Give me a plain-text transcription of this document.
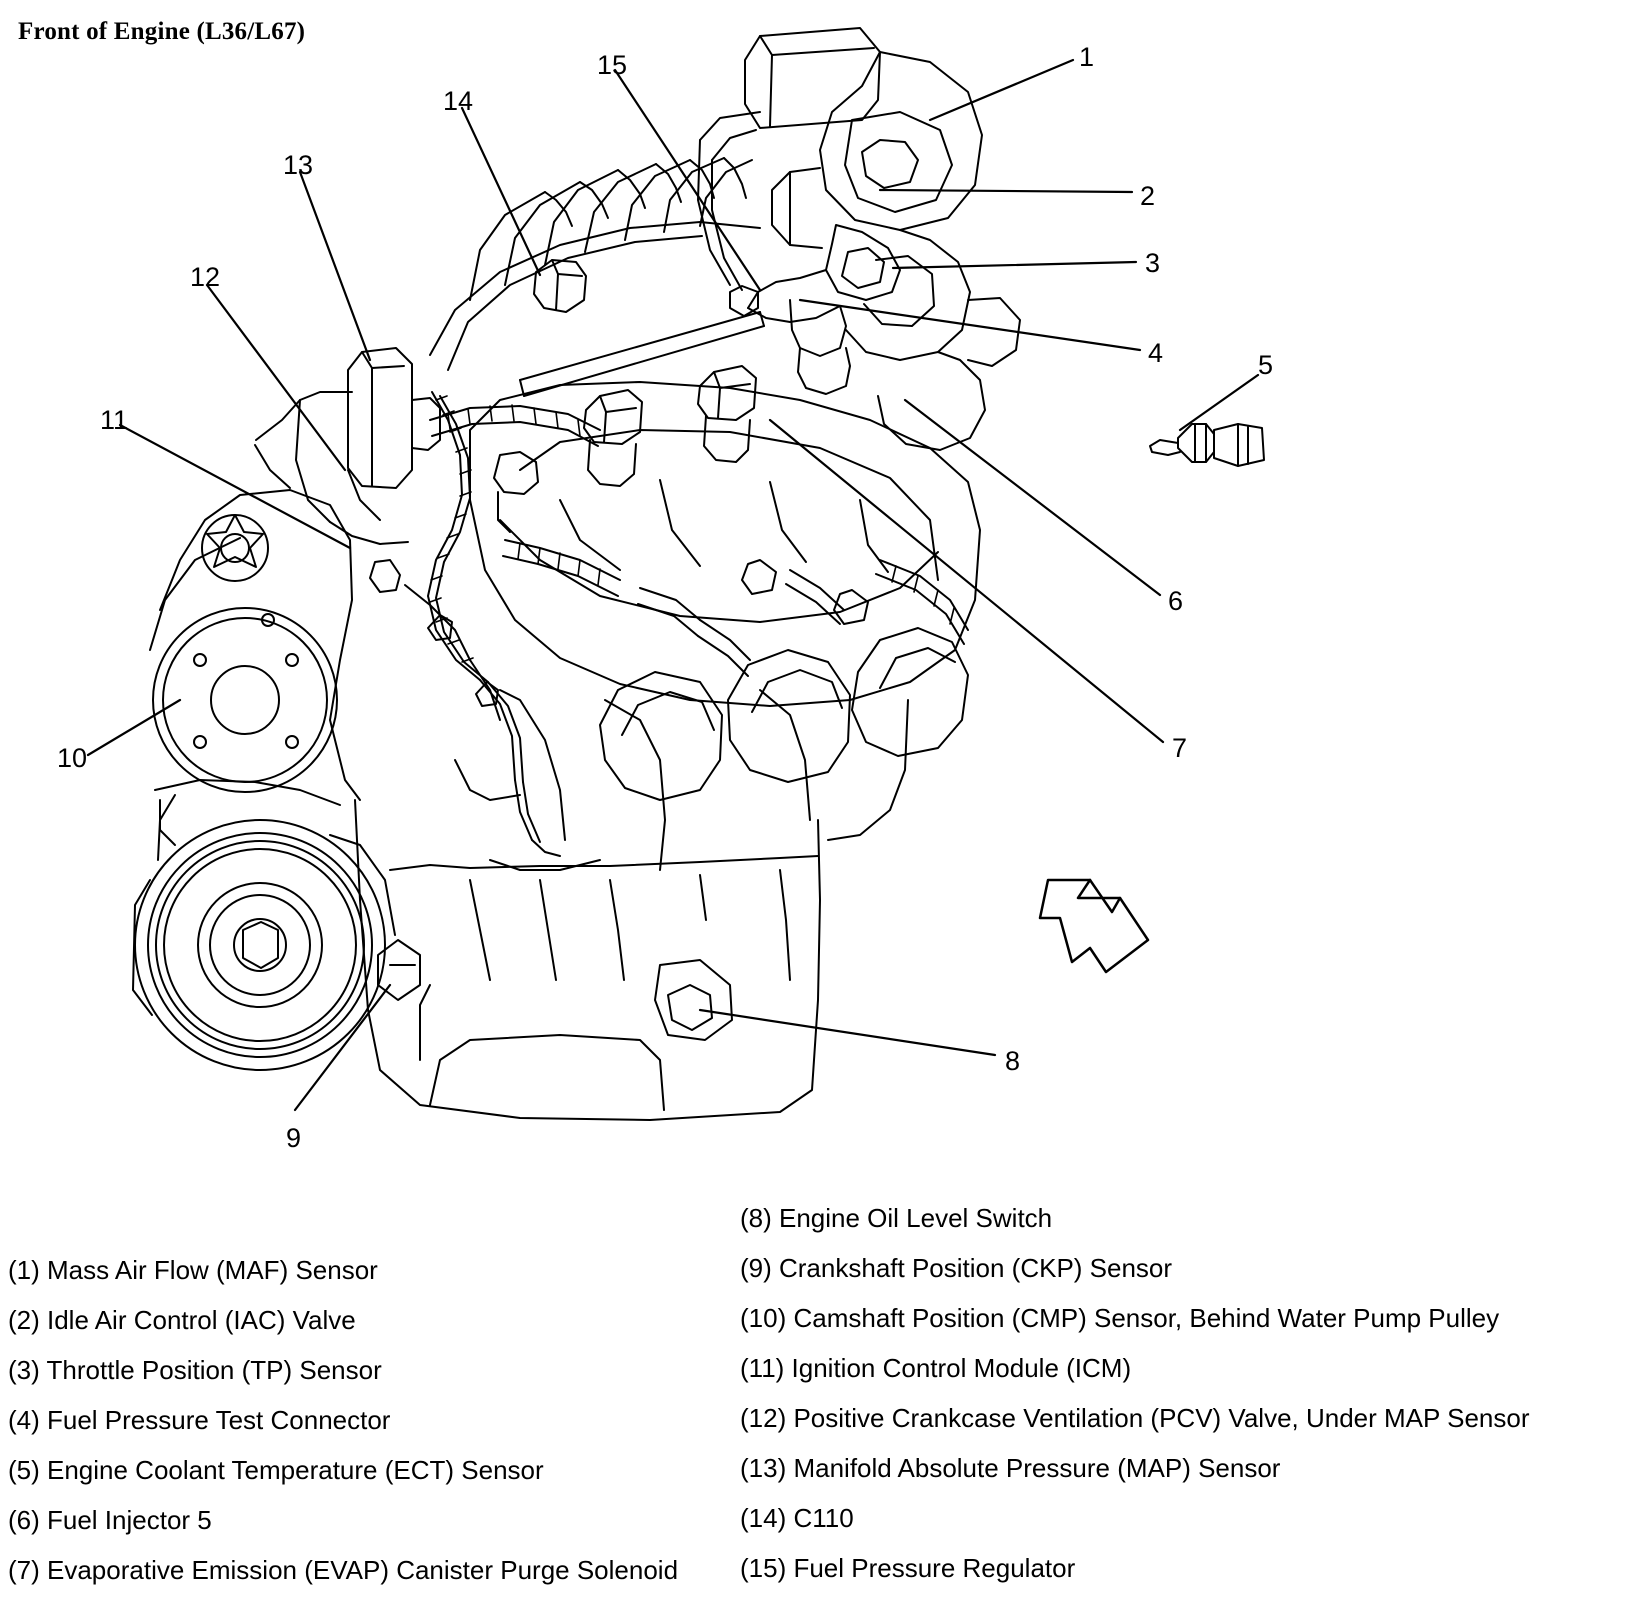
Front of Engine (L36/L67)
1
2
3
4	5
6
7
8
9
10
11
12
13
14
15
(1) Mass Air Flow (MAF) Sensor
(2) Idle Air Control (IAC) Valve
(3) Throttle Position (TP) Sensor
(4) Fuel Pressure Test Connector
(5) Engine Coolant Temperature (ECT) Sensor
(6) Fuel Injector 5
(7) Evaporative Emission (EVAP) Canister Purge Solenoid
(8) Engine Oil Level Switch
(9) Crankshaft Position (CKP) Sensor
(10) Camshaft Position (CMP) Sensor, Behind Water Pump Pulley
(11) Ignition Control Module (ICM)
(12) Positive Crankcase Ventilation (PCV) Valve, Under MAP Sensor
(13) Manifold Absolute Pressure (MAP) Sensor
(14) C110
(15) Fuel Pressure Regulator
